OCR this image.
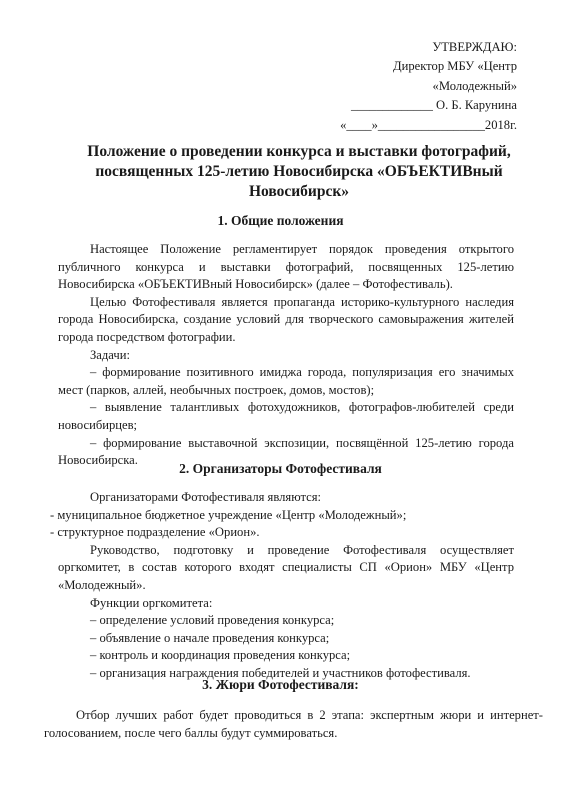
УТВЕРЖДАЮ:
Директор МБУ «Центр
«Молодежный»
_____________ О. Б. Карунина
«____»_________________2018г.
Положение о проведении конкурса и выставки фотографий,
посвященных 125-летию Новосибирска «ОБЪЕКТИВный
Новосибирск»
1. Общие положения

Настоящее Положение регламентирует порядок проведения открытого публичного конкурса и выставки фотографий, посвященных 125-летию Новосибирска «ОБЪЕКТИВный Новосибирск» (далее – Фотофестиваль).

Целью Фотофестиваля является пропаганда историко-культурного наследия города Новосибирска, создание условий для творческого самовыражения жителей города посредством фотографии.

Задачи:

– формирование позитивного имиджа города, популяризация его значимых мест (парков, аллей, необычных построек, домов, мостов);

– выявление талантливых фотохудожников, фотографов-любителей среди новосибирцев;

– формирование выставочной экспозиции, посвящённой 125-летию города Новосибирска.

2. Организаторы Фотофестиваля

Организаторами Фотофестиваля являются:

- муниципальное бюджетное учреждение «Центр «Молодежный»;

- структурное подразделение «Орион».

Руководство, подготовку и проведение Фотофестиваля осуществляет оргкомитет, в состав которого входят специалисты СП «Орион» МБУ «Центр «Молодежный».

Функции оргкомитета:

– определение условий проведения конкурса;

– объявление о начале проведения конкурса;

– контроль и координация проведения конкурса;

– организация награждения победителей и участников фотофестиваля.

3. Жюри Фотофестиваля:

Отбор лучших работ будет проводиться в 2 этапа: экспертным жюри и интернет-голосованием, после чего баллы будут суммироваться.
